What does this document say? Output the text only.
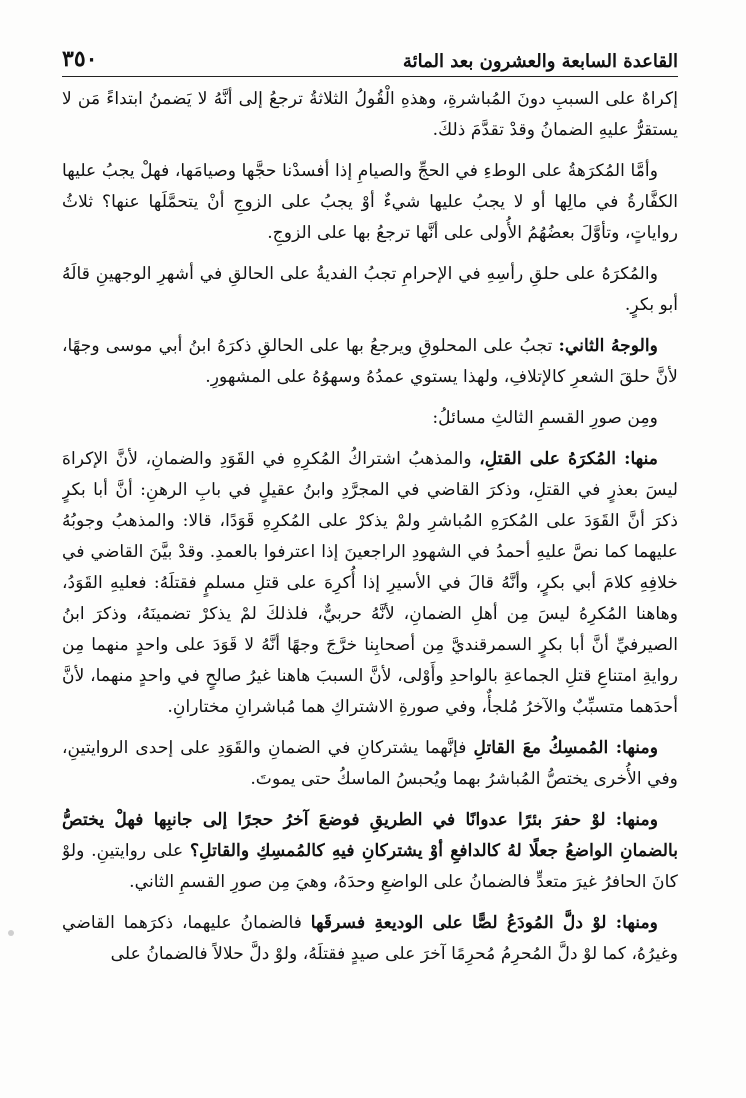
القاعدة السابعة والعشرون بعد المائة
٣٥٠

إكراهٌ على السببِ دونَ المُباشرةِ، وهذهِ الْقُولُ الثلاثةُ ترجعُ إلى أنَّهُ لا يَضمنُ ابتداءً مَن لا يستقرُّ عليهِ الضمانُ وقدْ تقدَّمَ ذلكَ.

وأمَّا المُكرَهةُ على الوطءِ في الحجِّ والصيامِ إذا أفسدْنا حجَّها وصيامَها، فهلْ يجبُ عليها الكفَّارةُ في مالِها أو لا يجبُ عليها شيءٌ أوْ يجبُ على الزوجِ أنْ يتحمَّلَها عنها؟ ثلاثُ رواياتٍ، وتأوَّلَ بعضُهُمُ الأُولى على أنَّها ترجعُ بها على الزوجِ.

والمُكرَهُ على حلقِ رأسِهِ في الإحرامِ تجبُ الفديةُ على الحالقِ في أشهرِ الوجهينِ قالَهُ أبو بكرٍ.

والوجهُ الثاني: تجبُ على المحلوقِ ويرجعُ بها على الحالقِ ذكرَهُ ابنُ أبي موسى وجهًا، لأنَّ حلقَ الشعرِ كالإتلافِ، ولهذا يستوي عمدُهُ وسهوُهُ على المشهورِ.

ومِن صورِ القسمِ الثالثِ مسائلُ:

منها: المُكرَهُ على القتلِ، والمذهبُ اشتراكُ المُكرِهِ في القَوَدِ والضمانِ، لأنَّ الإكراهَ ليسَ بعذرٍ في القتلِ، وذكرَ القاضي في المجرَّدِ وابنُ عقيلٍ في بابِ الرهنِ: أنَّ أبا بكرٍ ذكرَ أنَّ القَوَدَ على المُكرَهِ المُباشرِ ولمْ يذكرْ على المُكرِهِ قَوَدًا، قالا: والمذهبُ وجوبُهُ عليهما كما نصَّ عليهِ أحمدُ في الشهودِ الراجعينَ إذا اعترفوا بالعمدِ. وقدْ بيَّنَ القاضي في خلافِهِ كلامَ أبي بكرٍ، وأنَّهُ قالَ في الأسيرِ إذا أُكرِهَ على قتلِ مسلمٍ فقتلَهُ: فعليهِ القَوَدُ، وهاهنا المُكرِهُ ليسَ مِن أهلِ الضمانِ، لأنَّهُ حربيٌّ، فلذلكَ لمْ يذكرْ تضمينَهُ، وذكرَ ابنُ الصيرفيِّ أنَّ أبا بكرٍ السمرقنديَّ مِن أصحابِنا خرَّجَ وجهًا أنَّهُ لا قَوَدَ على واحدٍ منهما مِن روايةِ امتناعِ قتلِ الجماعةِ بالواحدِ وأَوْلى، لأنَّ السببَ هاهنا غيرُ صالحٍ في واحدٍ منهما، لأنَّ أحدَهما متسبِّبٌ والآخرُ مُلجأٌ، وفي صورةِ الاشتراكِ هما مُباشرانِ مختارانِ.

ومنها: المُمسِكُ معَ القاتلِ فإنَّهما يشتركانِ في الضمانِ والقَوَدِ على إحدى الروايتينِ، وفي الأُخرى يختصُّ المُباشرُ بهما ويُحبسُ الماسكُ حتى يموتَ.

ومنها: لوْ حفرَ بئرًا عدوانًا في الطريقِ فوضعَ آخرُ حجرًا إلى جانبِها فهلْ يختصُّ بالضمانِ الواضعُ جعلًا لهُ كالدافعِ أوْ يشتركانِ فيهِ كالمُمسِكِ والقاتلِ؟ على روايتينِ. ولوْ كانَ الحافرُ غيرَ متعدٍّ فالضمانُ على الواضعِ وحدَهُ، وهيَ مِن صورِ القسمِ الثاني.

ومنها: لوْ دلَّ المُودَعُ لصًّا على الوديعةِ فسرقَها فالضمانُ عليهما، ذكرَهما القاضي وغيرُهُ، كما لوْ دلَّ المُحرِمُ مُحرِمًا آخرَ على صيدٍ فقتلَهُ، ولوْ دلَّ حلالاً فالضمانُ على
